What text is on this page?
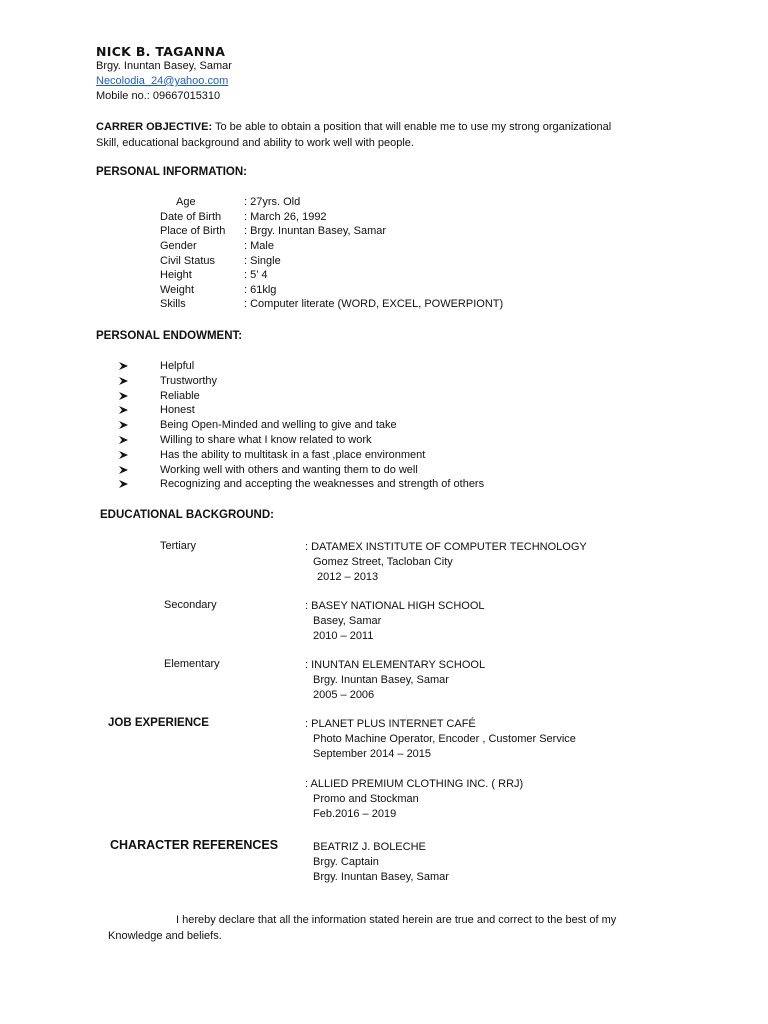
NICK B. TAGANNA
Brgy. Inuntan Basey, Samar
Necolodia_24@yahoo.com
Mobile no.: 09667015310
CARRER OBJECTIVE: To be able to obtain a position that will enable me to use my strong organizational
Skill, educational background and ability to work well with people.
PERSONAL INFORMATION:
Age	: 27yrs. Old
Date of Birth : March 26, 1992
Place of Birth : Brgy. Inuntan Basey, Samar
Gender	: Male
Civil Status	: Single
Height	: 5’ 4
Weight	: 61klg
Skills	: Computer literate (WORD, EXCEL, POWERPIONT)
PERSONAL ENDOWMENT:
Helpful
Trustworthy
Reliable
Honest
Being Open-Minded and welling to give and take
Willing to share what I know related to work
Has the ability to multitask in a fast ,place environment
Working well with others and wanting them to do well
Recognizing and accepting the weaknesses and strength of others
EDUCATIONAL BACKGROUND:
Tertiary	: DATAMEX INSTITUTE OF COMPUTER TECHNOLOGY
Gomez Street, Tacloban City
2012 – 2013
Secondary	: BASEY NATIONAL HIGH SCHOOL
Basey, Samar
2010 – 2011
Elementary	: INUNTAN ELEMENTARY SCHOOL
Brgy. Inuntan Basey, Samar
2005 – 2006
JOB EXPERIENCE	: PLANET PLUS INTERNET CAFÉ
Photo Machine Operator, Encoder , Customer Service
September 2014 – 2015
: ALLIED PREMIUM CLOTHING INC. ( RRJ)
Promo and Stockman
Feb.2016 – 2019
CHARACTER REFERENCES	BEATRIZ J. BOLECHE
Brgy. Captain
Brgy. Inuntan Basey, Samar
I hereby declare that all the information stated herein are true and correct to the best of my
Knowledge and beliefs.
